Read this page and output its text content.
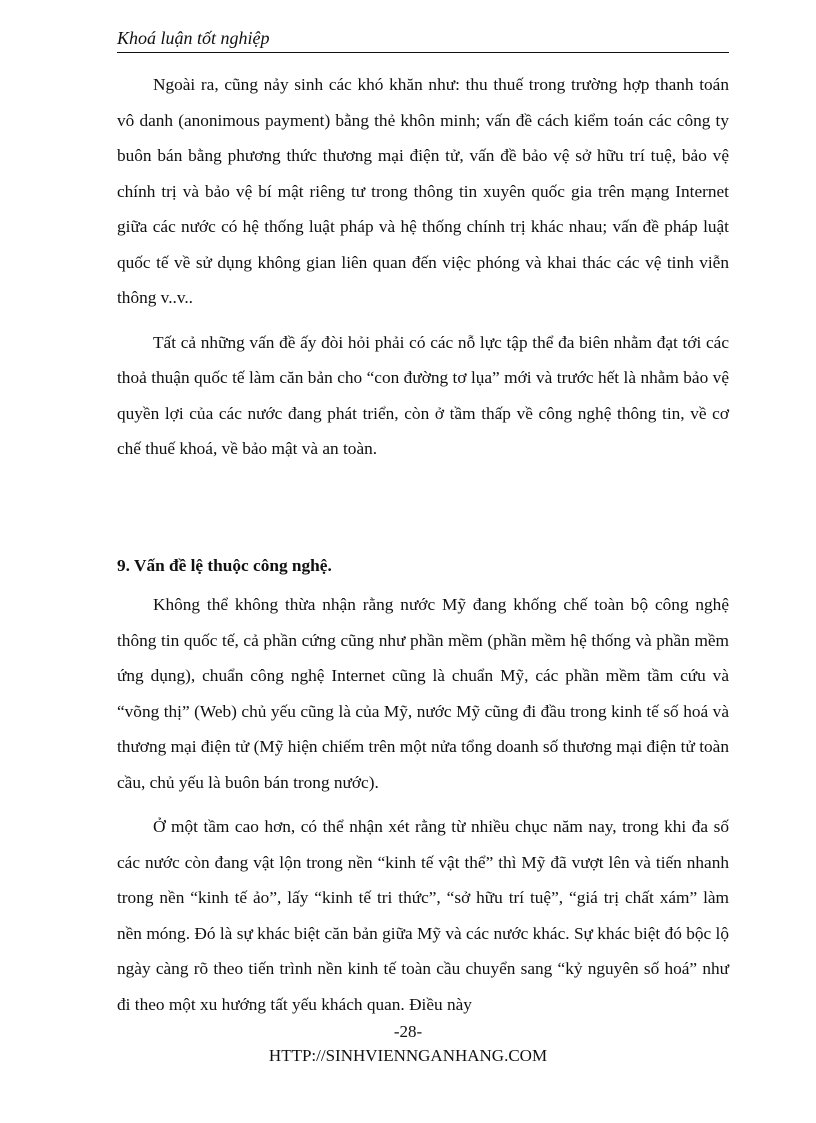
Khoá luận tốt nghiệp

Ngoài ra, cũng nảy sinh các khó khăn như: thu thuế trong trường hợp thanh toán vô danh (anonimous payment) bằng thẻ khôn minh; vấn đề cách kiểm toán các công ty buôn bán bằng phương thức thương mại điện tử, vấn đề bảo vệ sở hữu trí tuệ, bảo vệ chính trị và bảo vệ bí mật riêng tư trong thông tin xuyên quốc gia trên mạng Internet giữa các nước có hệ thống luật pháp và hệ thống chính trị khác nhau; vấn đề pháp luật quốc tế về sử dụng không gian liên quan đến việc phóng và khai thác các vệ tinh viễn thông v..v..

Tất cả những vấn đề ấy đòi hỏi phải có các nỗ lực tập thể đa biên nhằm đạt tới các thoả thuận quốc tế làm căn bản cho “con đường tơ lụa” mới và trước hết là nhằm bảo vệ quyền lợi của các nước đang phát triển, còn ở tầm thấp về công nghệ thông tin, về cơ chế thuế khoá, về bảo mật và an toàn.

9. Vấn đề lệ thuộc công nghệ.

Không thể không thừa nhận rằng nước Mỹ đang khống chế toàn bộ công nghệ thông tin quốc tế, cả phần cứng cũng như phần mềm (phần mềm hệ thống và phần mềm ứng dụng), chuẩn công nghệ Internet cũng là chuẩn Mỹ, các phần mềm tầm cứu và “võng thị” (Web) chủ yếu cũng là của Mỹ, nước Mỹ cũng đi đầu trong kinh tế số hoá và thương mại điện tử (Mỹ hiện chiếm trên một nửa tổng doanh số thương mại điện tử toàn cầu, chủ yếu là buôn bán trong nước).

Ở một tầm cao hơn, có thể nhận xét rằng từ nhiều chục năm nay, trong khi đa số các nước còn đang vật lộn trong nền “kinh tế vật thể” thì Mỹ đã vượt lên và tiến nhanh trong nền “kinh tế ảo”, lấy “kinh tế tri thức”, “sở hữu trí tuệ”, “giá trị chất xám” làm nền móng. Đó là sự khác biệt căn bản giữa Mỹ và các nước khác. Sự khác biệt đó bộc lộ ngày càng rõ theo tiến trình nền kinh tế toàn cầu chuyển sang “kỷ nguyên số hoá” như đi theo một xu hướng tất yếu khách quan. Điều này

-28-
HTTP://SINHVIENNGANHANG.COM
